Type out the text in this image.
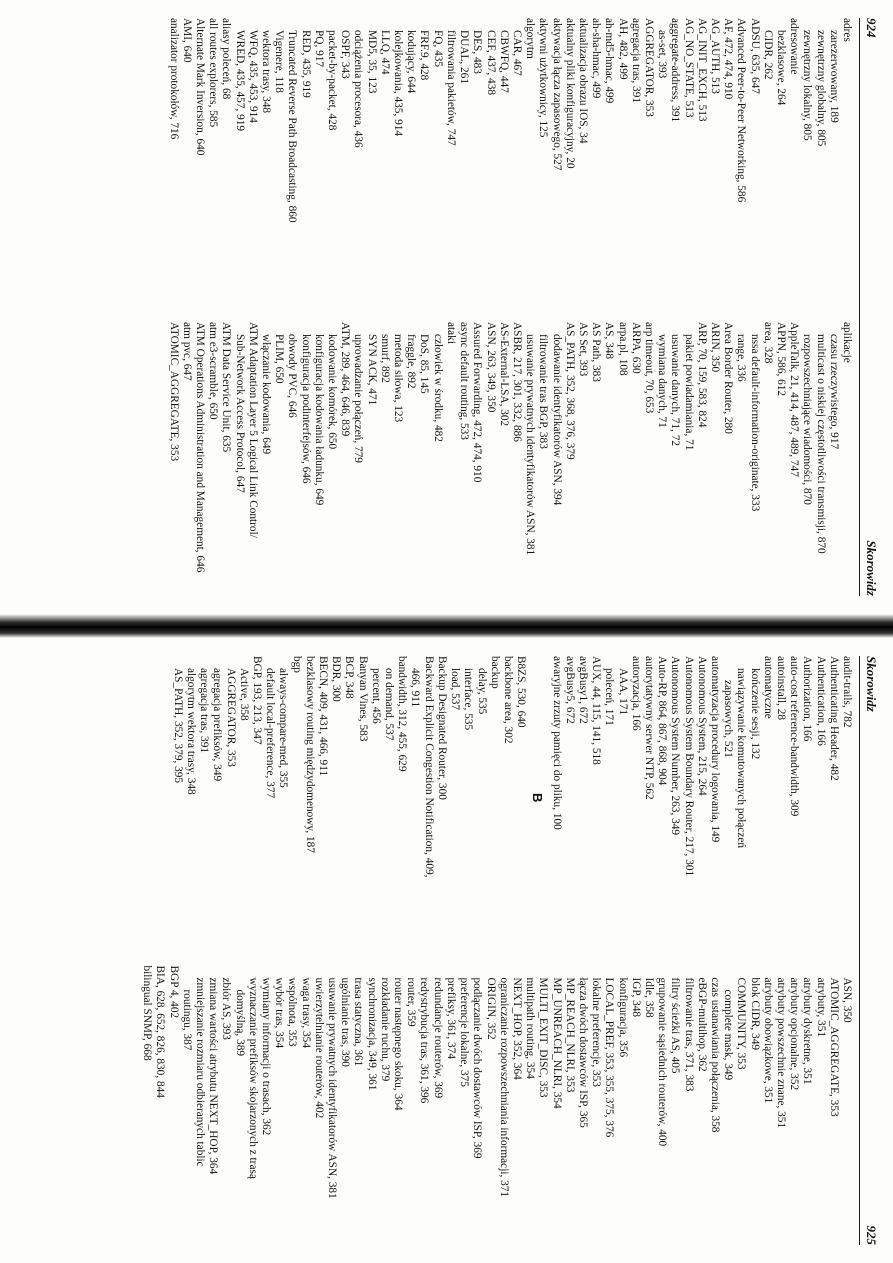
924
Skorowidz
adres
zarezerwowany, 189
zewnętrzny globalny, 805
zewnętrzny lokalny, 805
adresowanie
bezklasowe, 264
CIDR, 262
ADSU, 635, 647
Advanced Peer-to-Peer Networking, 586
AF, 472, 474, 910
AG_AUTH, 513
AG_INIT_EXCH, 513
AG_NO_STATE, 513
aggregate-address, 391
as-set, 393
AGGREGATOR, 353
agregacja tras, 391
AH, 482, 499
ah-md5-hmac, 499
ah-sha-hmac, 499
aktualizacja obrazu IOS, 34
aktualny pliki konfiguracyjny, 20
aktywacja łącza zapasowego, 527
aktywni użytkownicy, 125
algorytm
CAR, 467
CBWFQ, 447
CEF, 437, 438
DES, 483
DUAL, 261
filtrowania pakietów, 747
FQ, 435
FRF.9, 428
kodujący, 644
kolejkowania, 435, 914
LLQ, 474
MD5, 35, 123
odciążenia procesora, 436
OSPF, 343
packet-by-packet, 428
PQ, 917
RED, 435, 919
Truncated Reverse Path Broadcasting, 860
Vigenere, 118
wektora trasy, 348
WFQ, 435, 453, 914
WRED, 435, 457, 919
aliasy poleceń, 68
all routes explorers, 585
Alternate Mark Inversion, 640
AMI, 640
analizator protokołów, 716
aplikacje
czasu rzeczywistego, 917
multicast o niskiej częstotliwości transmisji, 870
rozpowszechniające wiadomości, 870
AppleTalk, 21, 414, 487, 489, 747
APPN, 586, 612
area, 328
nssa default-information-originate, 333
range, 336
Area Border Router, 280
ARIN, 350
ARP, 70, 159, 583, 824
pakiet powiadamiania, 71
usuwanie danych, 71, 72
wymiana danych, 71
arp timeout, 70, 653
ARPA, 630
arpa.pl, 108
AS, 348
AS Path, 383
AS Set, 393
AS_PATH, 352, 368, 376, 379
dodawanie identyfikatorów ASN, 394
filtrowanie tras BGP, 383
usuwanie prywatnych identyfikatorów ASN, 381
ASBR, 217, 301, 332, 886
AS-External-LSA, 302
ASN, 263, 349, 350
Assured Forwarding, 472, 474, 910
async default routing, 533
ataki
człowiek w środku, 482
DoS, 85, 145
fraggle, 892
metoda siłowa, 123
smurf, 892
SYN ACK, 471
uprowadzanie połączeń, 779
ATM, 289, 464, 646, 839
kodowanie komórek, 650
konfiguracja kodowania ładunku, 649
konfiguracja podinterfejsów, 646
obwody PVC, 646
PLIM, 650
włączanie kodowania, 649
ATM Adaptation Layer 5 Logical Link Control/
Sub-Network Access Protocol, 647
ATM Data Service Unit, 635
atm e3-scramble, 650
ATM Operations Administration and Management, 646
atm pvc, 647
ATOMIC_AGGREGATE, 353
Skorowidz
925
audit-trails, 782
Authenticating Header, 482
Authentication, 166
Authorization, 166
auto-cost reference-bandwidth, 309
autoinstall, 28
automatyczne
kończenie sesji, 132
nawiązywanie komutowanych połączeń
zapasowych, 521
automatyzacja procedury logowania, 149
Autonomous System, 215, 264
Autonomous System Boundary Router, 217, 301
Autonomous System Number, 263, 349
Auto-RP, 864, 867, 868, 904
autorytatywny serwer NTP, 562
autoryzacja, 166
AAA, 171
poleceń, 171
AUX, 44, 115, 141, 518
avgBusy1, 672
avgBusy5, 672
awaryjne zrzuty pamięci do pliku, 100
B
B8ZS, 530, 640
backbone area, 302
backup
delay, 535
interface, 535
load, 537
Backup Designated Router, 300
Backward Explicit Congestion Notification, 409,
466, 911
bandwidth, 312, 455, 629
on demand, 537
percent, 456
Banyan Vines, 583
BCP, 348
BDR, 300
BECN, 409, 431, 466, 911
bezklasowy routing międzydomenowy, 187
bgp
always-compare-med, 355
default local-preference, 377
BGP, 193, 213, 347
Active, 358
AGGREGATOR, 353
agregacja prefiksów, 349
agregacja tras, 391
algorytm wektora trasy, 348
AS_PATH, 352, 379, 395
ASN, 350
ATOMIC_AGGREGATE, 353
atrybuty, 351
atrybuty dyskretne, 351
atrybuty opcjonalne, 352
atrybuty powszechnie znane, 351
atrybuty obowiązkowe, 351
blok CIDR, 349
COMMUNITY, 353
complete mask, 349
czas ustanawiania połączenia, 358
eBGP-multihop, 362
filtrowanie tras, 371, 383
filtry ścieżki AS, 405
grupowanie sąsiednich routerów, 400
Idle, 358
IGP, 348
konfiguracja, 356
LOCAL_PREF, 353, 355, 375, 376
lokalne preferencje, 353
łącza dwóch dostawców ISP, 365
MP_REACH_NLRI, 353
MP_UNREACH_NLRI, 354
MULTI_EXIT_DISC, 353
multipath routing, 354
NEXT_HOP, 352, 364
ograniczanie rozpowszechniania informacji, 371
ORIGIN, 352
podłączanie dwóch dostawców ISP, 369
preferencje lokalne, 375
prefiksy, 361, 374
redundancje routerów, 369
redystrybucja tras, 361, 396
router, 359
router następnego skoku, 364
rozkładanie ruchu, 379
synchronizacja, 349, 361
trasa statyczna, 361
ugólnianie tras, 390
usuwanie prywatnych identyfikatorów ASN, 381
uwierzytelnianie routerów, 402
waga trasy, 354
wspólnota, 353
wybór tras, 354
wymiany informacji o trasach, 362
wyznaczanie prefiksów skojarzonych z trasą
domyślną, 389
zbiór AS, 393
zmiana wartości atrybutu NEXT_HOP, 364
zmniejszanie rozmiaru odbieranych tablic
routingu, 387
BGP 4, 402
BIA, 628, 652, 826, 830, 844
bilingual SNMP, 668
